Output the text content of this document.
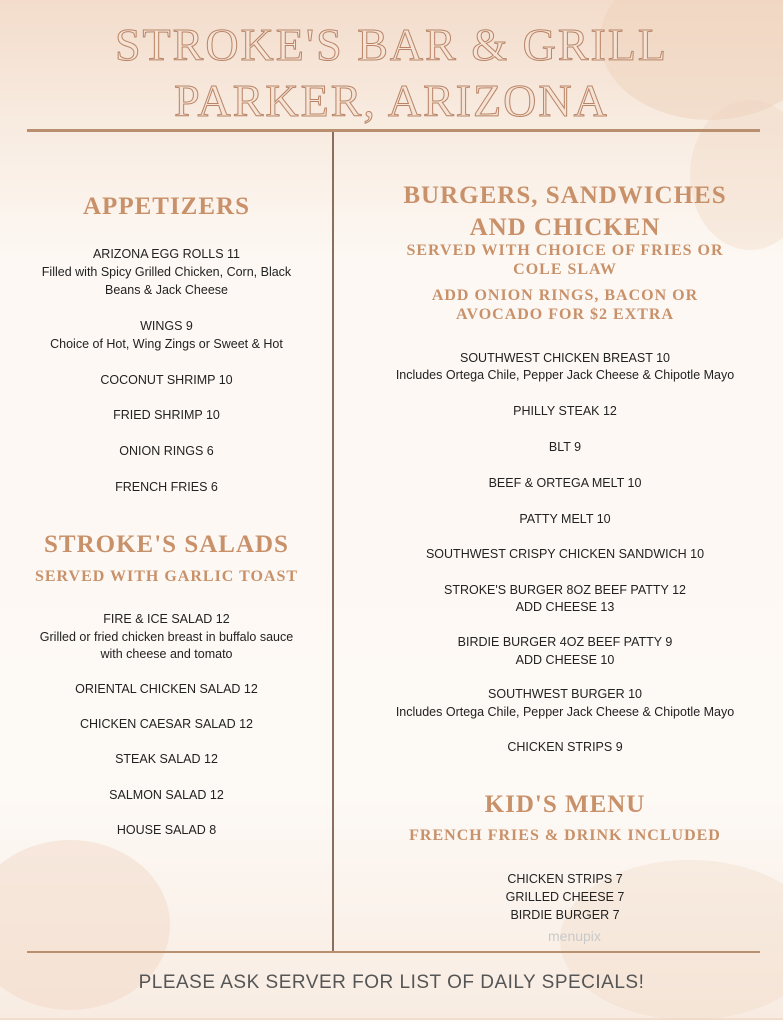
STROKE'S BAR & GRILL
PARKER, ARIZONA
APPETIZERS
ARIZONA EGG ROLLS 11
Filled with Spicy Grilled Chicken, Corn, Black
Beans & Jack Cheese
WINGS 9
Choice of Hot, Wing Zings or Sweet & Hot
COCONUT SHRIMP 10
FRIED SHRIMP 10
ONION RINGS 6
FRENCH FRIES 6
STROKE'S SALADS
SERVED WITH GARLIC TOAST
FIRE & ICE SALAD 12
Grilled or fried chicken breast in buffalo sauce
with cheese and tomato
ORIENTAL CHICKEN SALAD 12
CHICKEN CAESAR SALAD 12
STEAK SALAD 12
SALMON SALAD 12
HOUSE SALAD 8
BURGERS, SANDWICHES
AND CHICKEN
SERVED WITH CHOICE OF FRIES OR
COLE SLAW
ADD ONION RINGS, BACON OR
AVOCADO FOR $2 EXTRA
SOUTHWEST CHICKEN BREAST 10
Includes Ortega Chile, Pepper Jack Cheese & Chipotle Mayo
PHILLY STEAK 12
BLT 9
BEEF & ORTEGA MELT 10
PATTY MELT 10
SOUTHWEST CRISPY CHICKEN SANDWICH 10
STROKE'S BURGER 8OZ BEEF PATTY 12
ADD CHEESE 13
BIRDIE BURGER 4OZ BEEF PATTY 9
ADD CHEESE 10
SOUTHWEST BURGER 10
Includes Ortega Chile, Pepper Jack Cheese & Chipotle Mayo
CHICKEN STRIPS 9
KID'S MENU
FRENCH FRIES & DRINK INCLUDED
CHICKEN STRIPS 7
GRILLED CHEESE 7
BIRDIE BURGER 7
menupix
PLEASE ASK SERVER FOR LIST OF DAILY SPECIALS!
